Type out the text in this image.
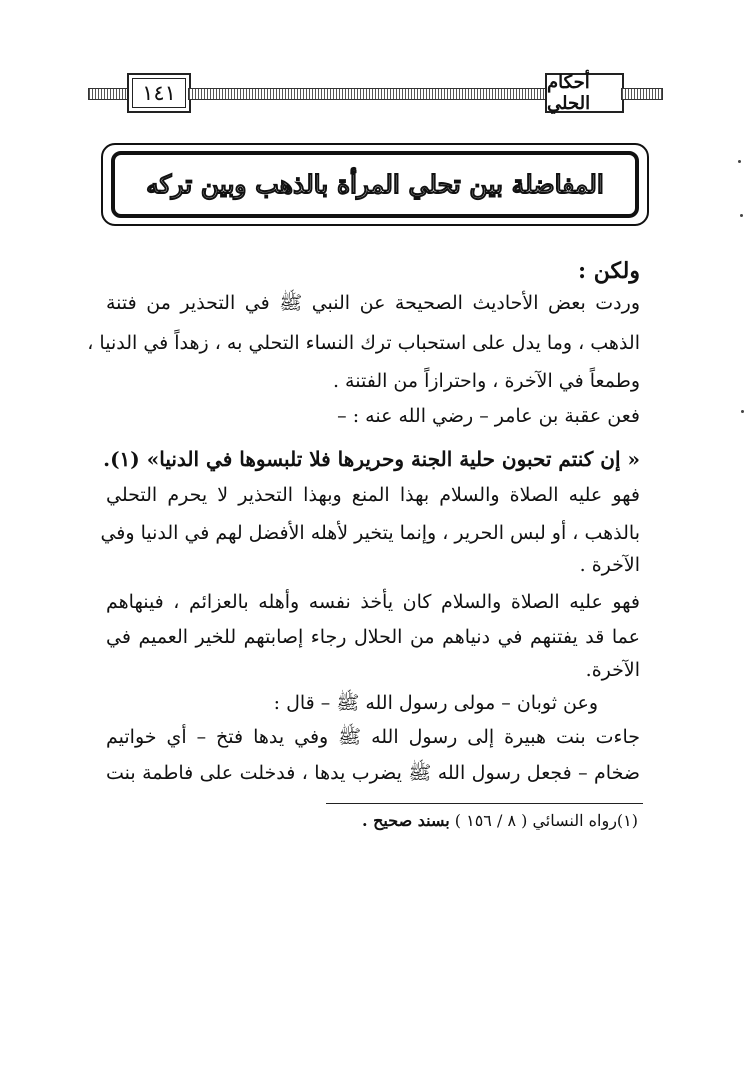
١٤١	أحكام الحلي
المفاضلة بين تحلي المرأة بالذهب وبين تركه
ولكن :
وردت بعض الأحاديث الصحيحة عن النبي ﷺ في التحذير من فتنة
الذهب ، وما يدل على استحباب ترك النساء التحلي به ، زهداً في الدنيا ،
وطمعاً في الآخرة ، واحترازاً من الفتنة .
فعن عقبة بن عامر – رضي الله عنه : –
« إن كنتم تحبون حلية الجنة وحريرها فلا تلبسوها في الدنيا» (١).
فهو عليه الصلاة والسلام بهذا المنع وبهذا التحذير لا يحرم التحلي
بالذهب ، أو لبس الحرير ، وإنما يتخير لأهله الأفضل لهم في الدنيا وفي
الآخرة .
فهو عليه الصلاة والسلام كان يأخذ نفسه وأهله بالعزائم ، فينهاهم
عما قد يفتنهم في دنياهم من الحلال رجاء إصابتهم للخير العميم في
الآخرة.
وعن ثوبان – مولى رسول الله ﷺ – قال :
جاءت بنت هبيرة إلى رسول الله ﷺ وفي يدها فتخ – أي خواتيم
ضخام – فجعل رسول الله ﷺ يضرب يدها ، فدخلت على فاطمة بنت
(١)رواه النسائي ( ٨ / ١٥٦ ) بسند صحيح .
